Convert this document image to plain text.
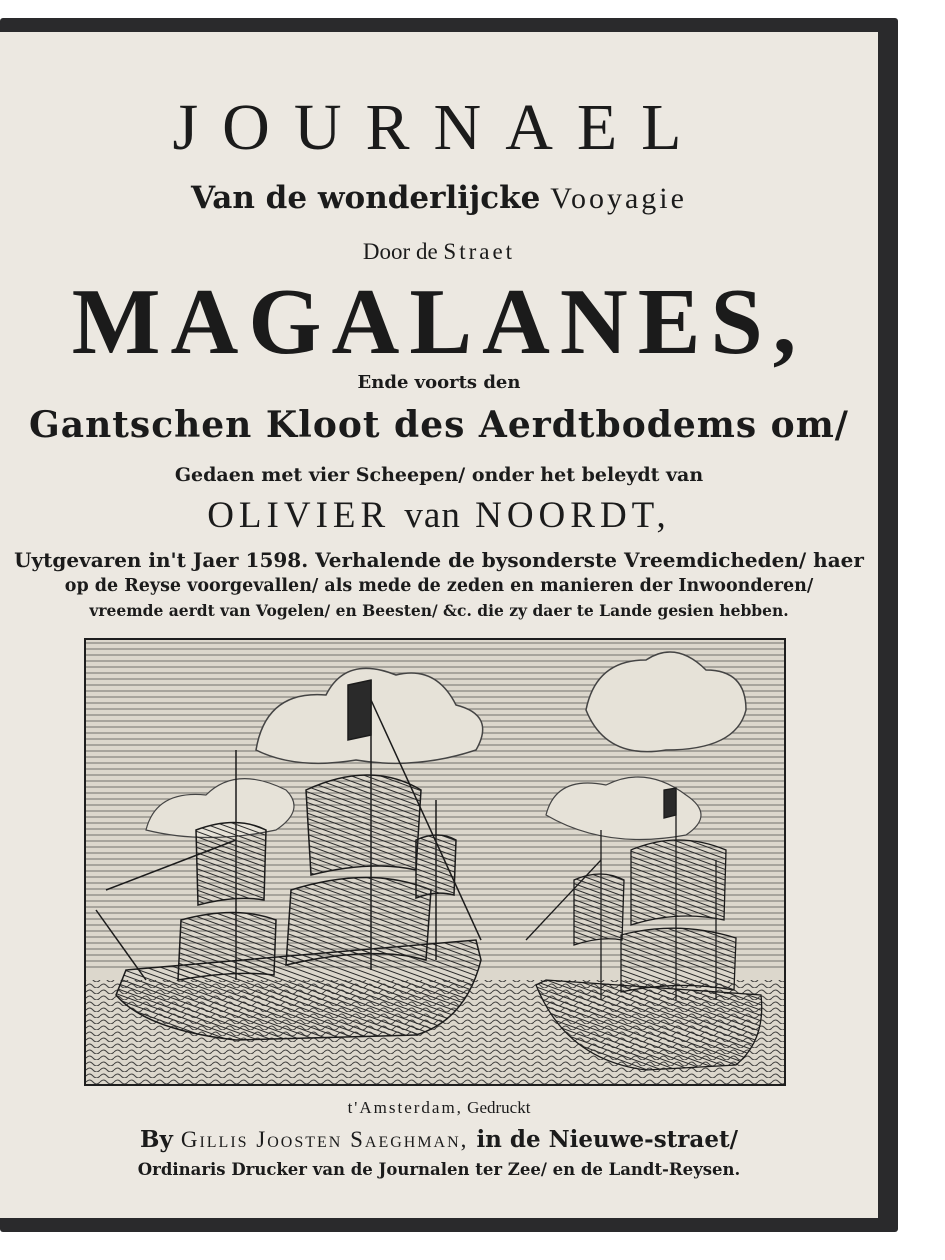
JOURNAEL
Van de wonderlijcke Vooyagie
Door de Straet
MAGALANES,
Ende voorts den
Gantschen Kloot des Aerdtbodems om/
Gedaen met vier Scheepen/ onder het beleydt van
OLIVIER van NOORDT,
Uytgevaren in't Jaer 1598. Verhalende de bysonderste Vreemdicheden/ haer
op de Reyse voorgevallen/ als mede de zeden en manieren der Inwoonderen/
vreemde aerdt van Vogelen/ en Beesten/ &c. die zy daer te Lande gesien hebben.
t'Amsterdam, Gedruckt
By Gillis Joosten Saeghman, in de Nieuwe-straet/
Ordinaris Drucker van de Journalen ter Zee/ en de Landt-Reysen.
